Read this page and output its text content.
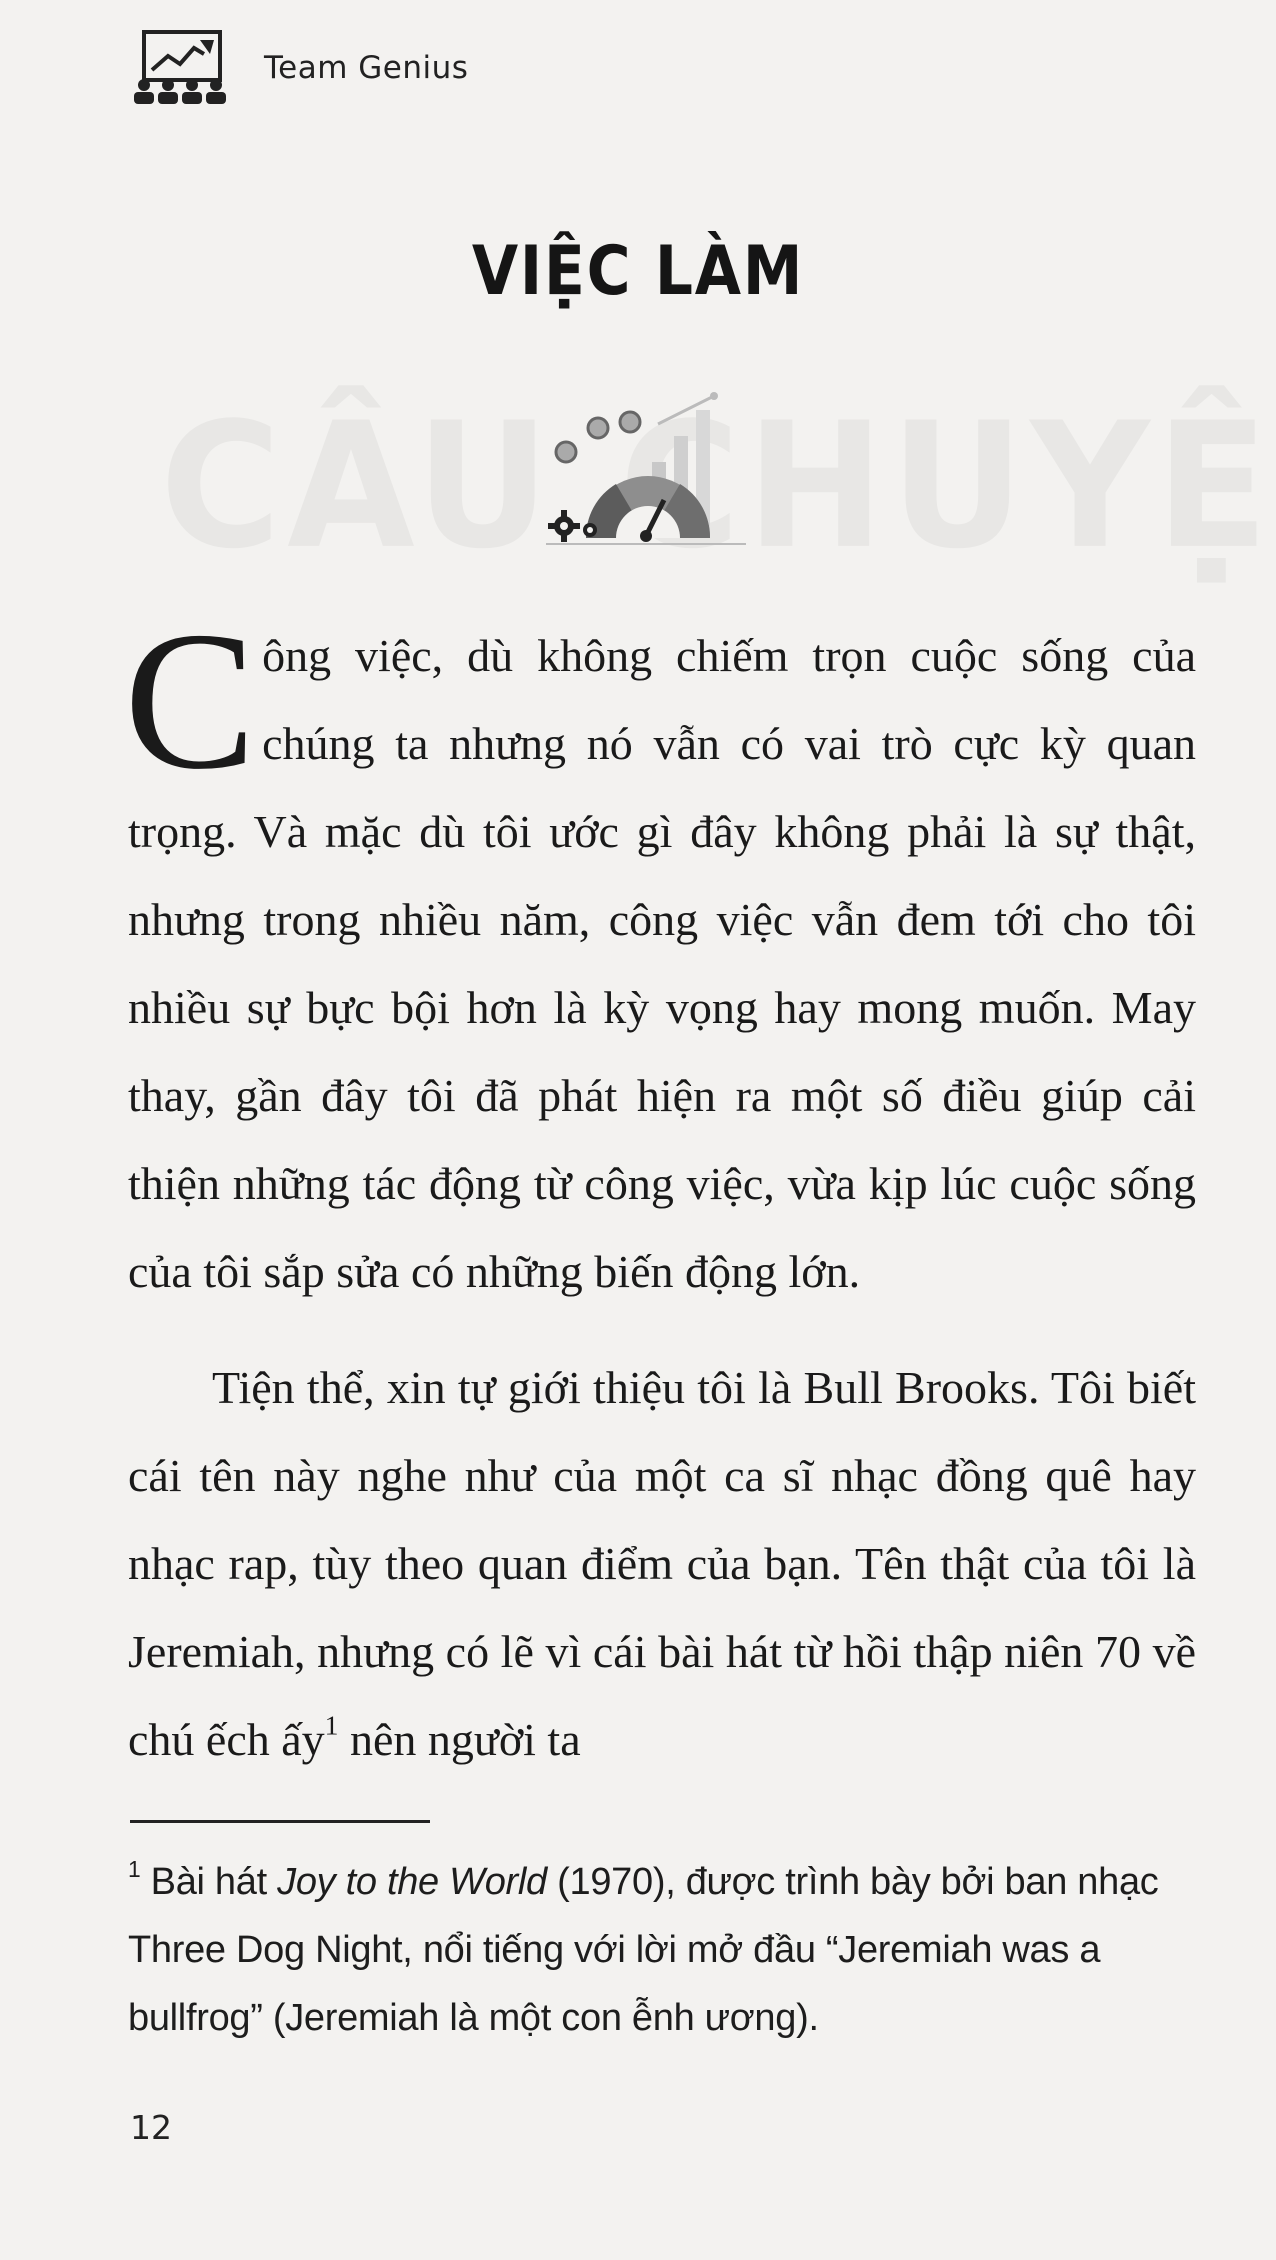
Team Genius
VIỆC LÀM

Công việc, dù không chiếm trọn cuộc sống của chúng ta nhưng nó vẫn có vai trò cực kỳ quan trọng. Và mặc dù tôi ước gì đây không phải là sự thật, nhưng trong nhiều năm, công việc vẫn đem tới cho tôi nhiều sự bực bội hơn là kỳ vọng hay mong muốn. May thay, gần đây tôi đã phát hiện ra một số điều giúp cải thiện những tác động từ công việc, vừa kịp lúc cuộc sống của tôi sắp sửa có những biến động lớn.

Tiện thể, xin tự giới thiệu tôi là Bull Brooks. Tôi biết cái tên này nghe như của một ca sĩ nhạc đồng quê hay nhạc rap, tùy theo quan điểm của bạn. Tên thật của tôi là Jeremiah, nhưng có lẽ vì cái bài hát từ hồi thập niên 70 về chú ếch ấy$^1$ nên người ta

$^1$ Bài hát Joy to the World (1970), được trình bày bởi ban nhạc Three Dog Night, nổi tiếng với lời mở đầu “Jeremiah was a bullfrog” (Jeremiah là một con ễnh ương).

12
